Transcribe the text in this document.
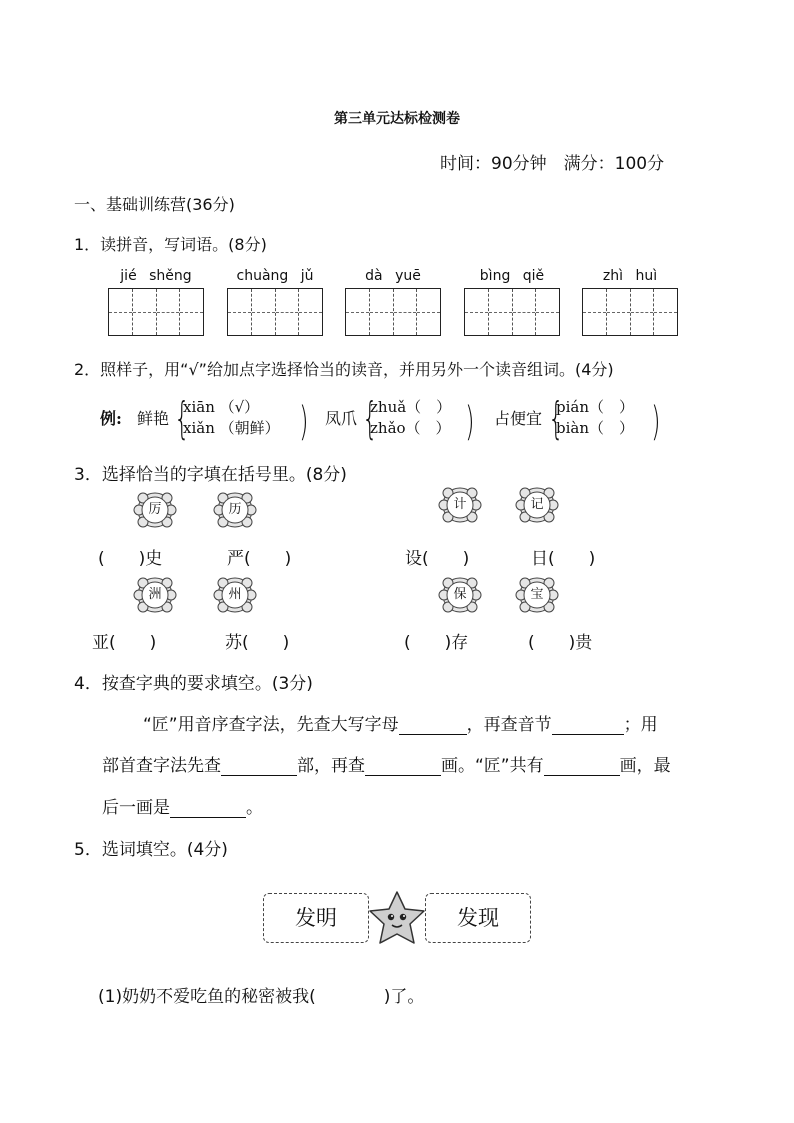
第三单元达标检测卷
时间：90分钟　满分：100分
一、基础训练营(36分)
1．读拼音，写词语。(8分)
jié shěng	chuàng jǔ	dà yuē	bìng qiě	zhì huì
2．照样子，用“√”给加点字选择恰当的读音，并用另外一个读音组词。(4分)
例: 鲜艳 {
xiān （√）
xiǎn （朝鲜） ) 凤爪 {
zhuǎ（　）
zhǎo（　） ) 占便宜 {
pián（　）
biàn（　） )
3．选择恰当的字填在括号里。(8分)
厉	历	计	记
(　　)史	严(　　)	设(　　)	日(　　)
洲	州	保	宝
亚(　　)	苏(　　)	(　　)存	(　　)贵
4．按查字典的要求填空。(3分)
“匠”用音序查字法，先查大写字母	，再查音节	；用
部首查字法先查	部，再查	画。“匠”共有	画，最
后一画是	。
5．选词填空。(4分)
发明	发现
(1)奶奶不爱吃鱼的秘密被我(　　　　)了。
